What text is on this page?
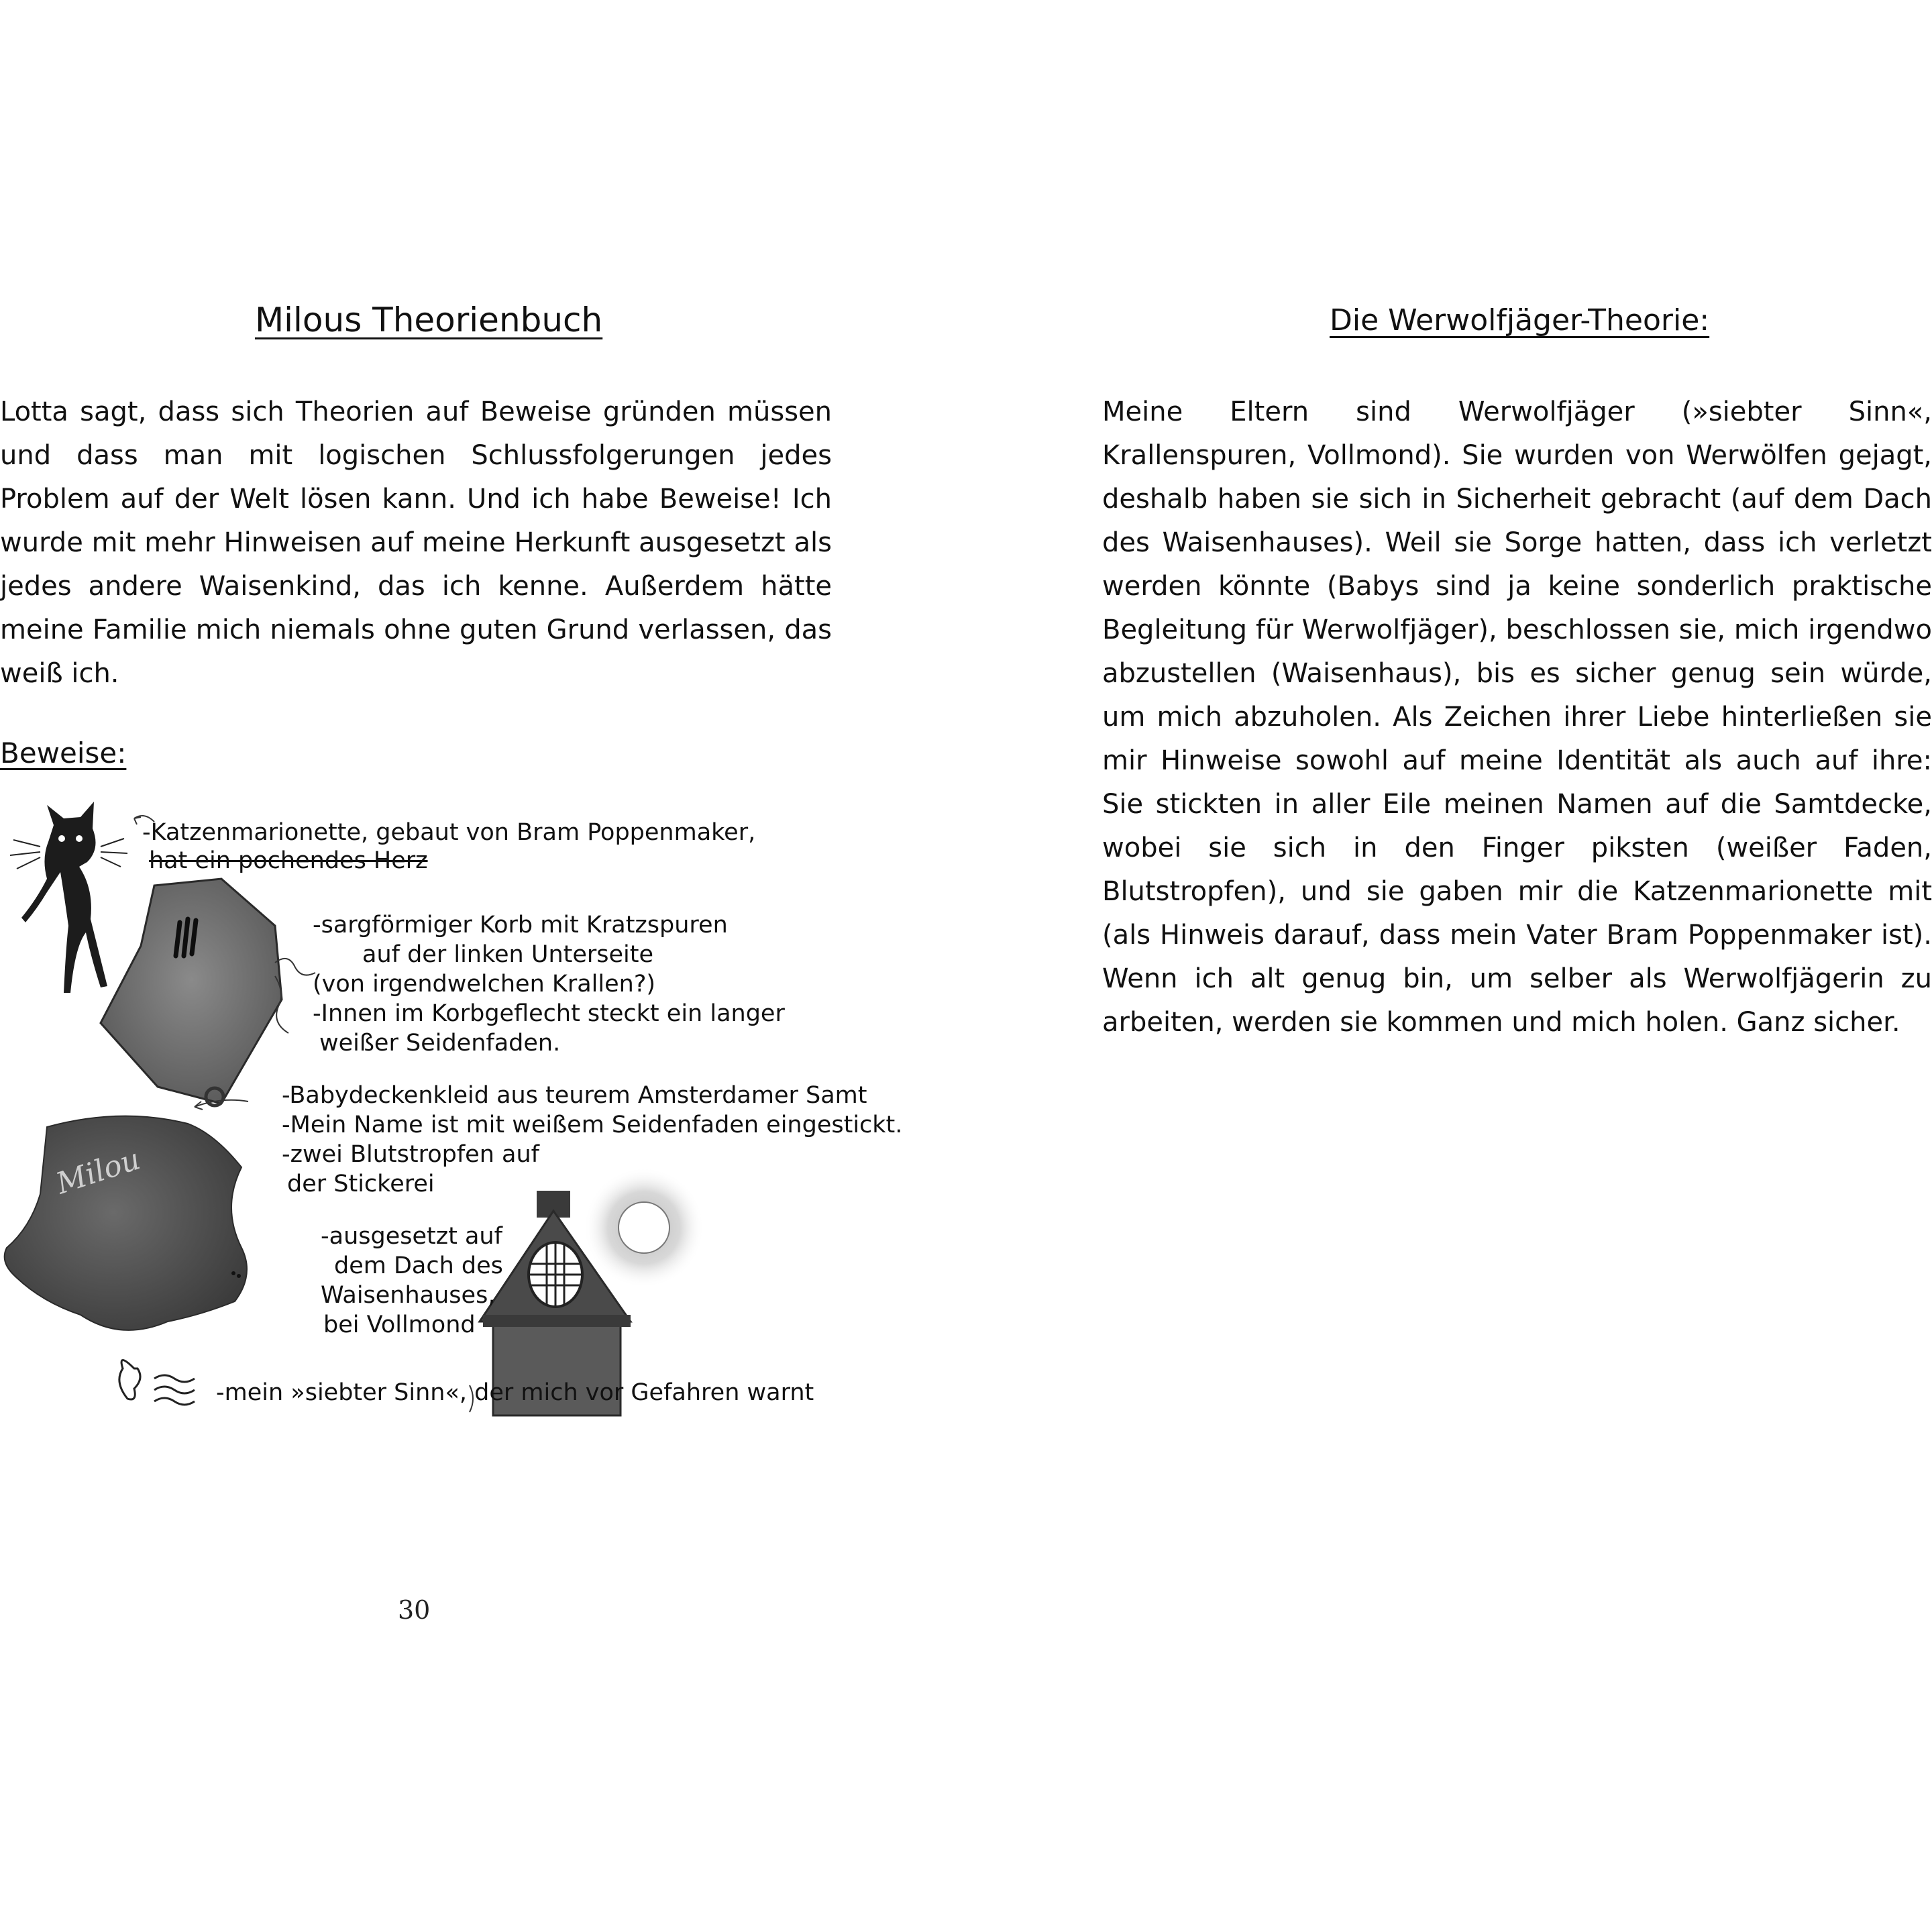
Milous Theorienbuch
Lotta sagt, dass sich Theorien auf Beweise gründen müssen und dass man mit logischen Schlussfolgerungen jedes Problem auf der Welt lösen kann. Und ich habe Beweise! Ich wurde mit mehr Hinweisen auf meine Herkunft ausgesetzt als jedes andere Waisenkind, das ich kenne. Außerdem hätte meine Familie mich niemals ohne guten Grund verlassen, das weiß ich.
Beweise:
Milou
-Katzenmarionette, gebaut von Bram Poppenmaker,
hat ein pochendes Herz
-sargförmiger Korb mit Kratzspuren
auf der linken Unterseite
(von irgendwelchen Krallen?)
-Innen im Korbgeflecht steckt ein langer
weißer Seidenfaden.
-Babydeckenkleid aus teurem Amsterdamer Samt
-Mein Name ist mit weißem Seidenfaden eingestickt.
-zwei Blutstropfen auf
der Stickerei
-ausgesetzt auf
dem Dach des
Waisenhauses,
bei Vollmond
-mein »siebter Sinn«, der mich vor Gefahren warnt
30
Die Werwolfjäger-Theorie:
Meine Eltern sind Werwolfjäger (»siebter Sinn«, Krallenspuren, Vollmond). Sie wurden von Werwölfen gejagt, deshalb haben sie sich in Sicherheit gebracht (auf dem Dach des Waisenhauses). Weil sie Sorge hatten, dass ich verletzt werden könnte (Babys sind ja keine sonderlich praktische Begleitung für Werwolfjäger), beschlossen sie, mich irgendwo abzustellen (Waisenhaus), bis es sicher genug sein würde, um mich abzuholen. Als Zeichen ihrer Liebe hinterließen sie mir Hinweise sowohl auf meine Identität als auch auf ihre: Sie stickten in aller Eile meinen Namen auf die Samtdecke, wobei sie sich in den Finger piksten (weißer Faden, Blutstropfen), und sie gaben mir die Katzenmarionette mit (als Hinweis darauf, dass mein Vater Bram Poppenmaker ist). Wenn ich alt genug bin, um selber als Werwolfjägerin zu arbeiten, werden sie kommen und mich holen. Ganz sicher.
